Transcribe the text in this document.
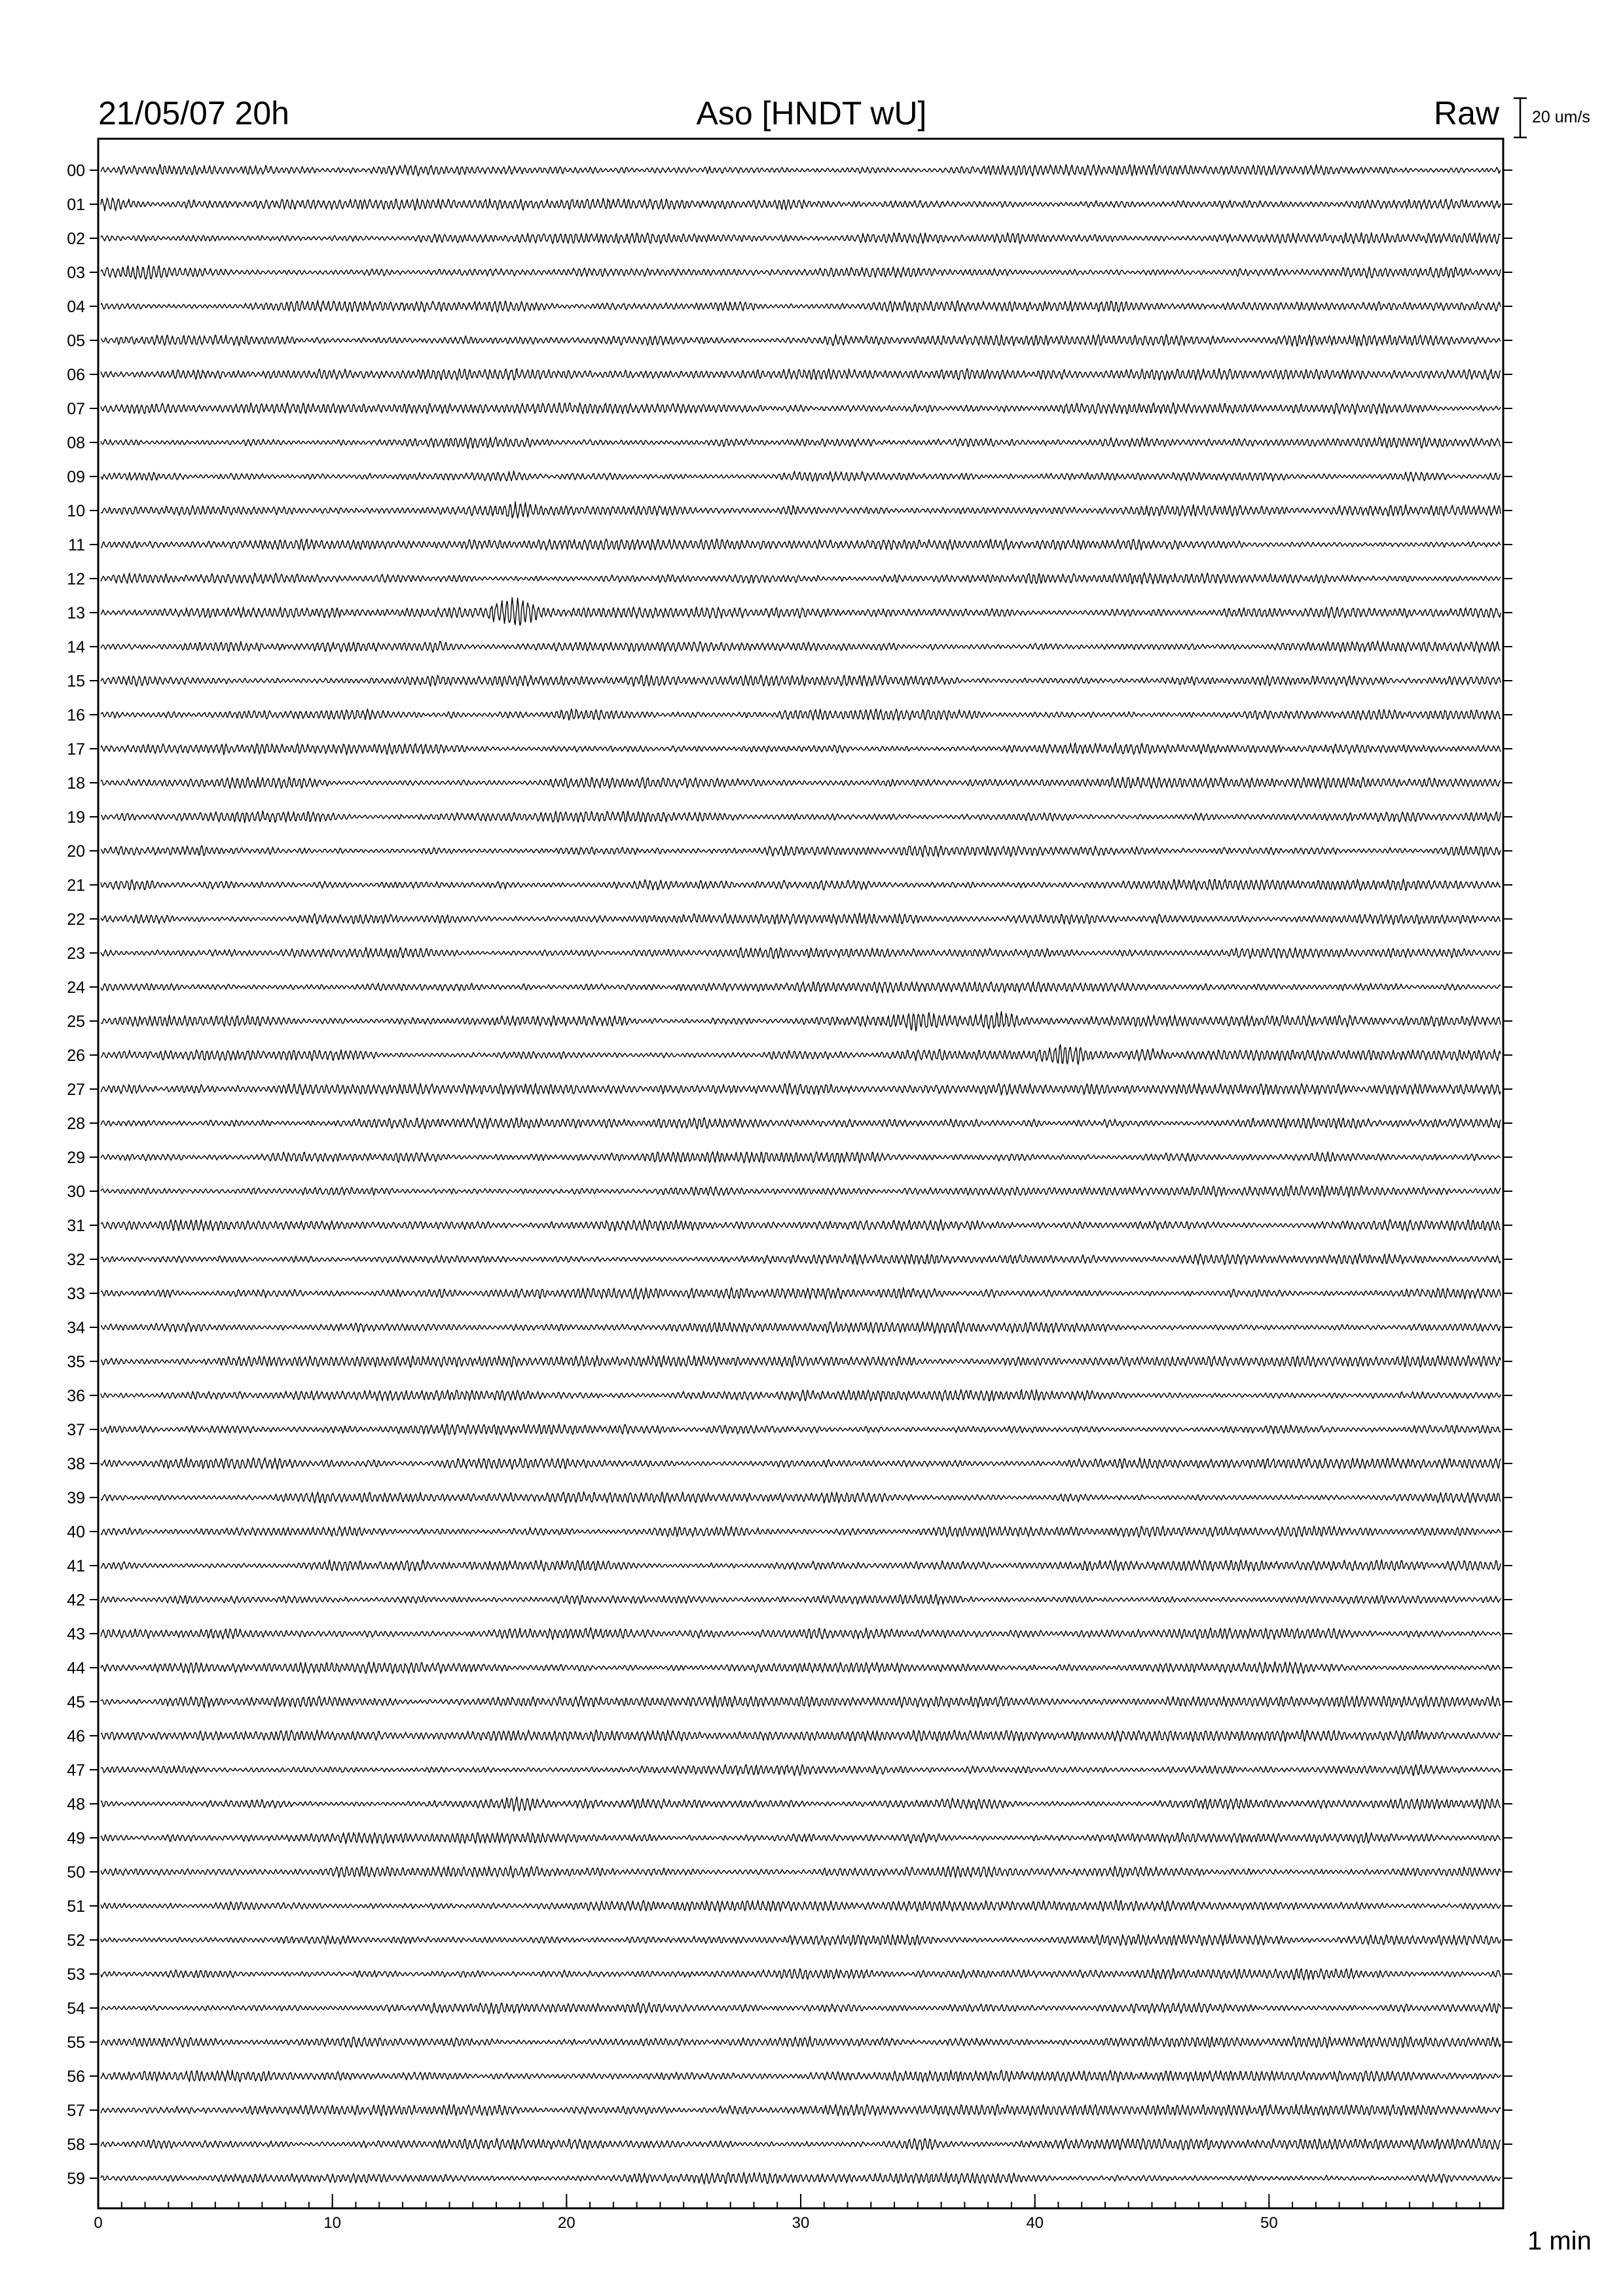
21/05/07 20h	Aso [HNDT wU]	Raw 20 um/s
1 min
00
01
02
03
04
05
06
07
08
09
10
11
12
13
14
15
16
17
18
19
20
21
22
23
24
25
26
27
28
29
30
31
32
33
34
35
36
37
38
39
40
41
42
43
44
45
46
47
48
49
50
51
52
53
54
55
56
57
58
59
0	10	20	30	40	50
